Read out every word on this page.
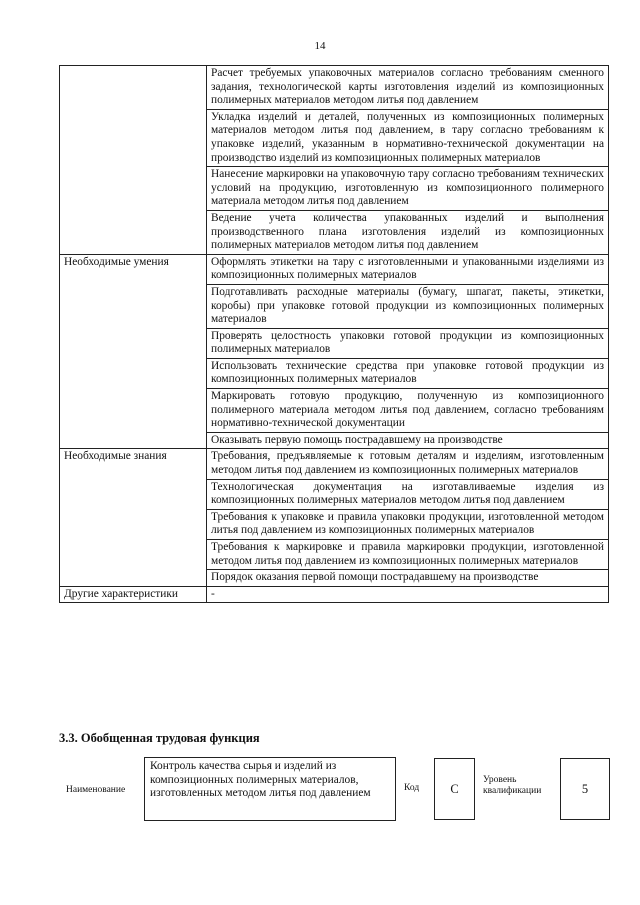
14
	Расчет требуемых упаковочных материалов согласно требованиям сменного задания, технологической карты изготовления изделий из композиционных полимерных материалов методом литья под давлением
	Укладка изделий и деталей, полученных из композиционных полимерных материалов методом литья под давлением, в тару согласно требованиям к упаковке изделий, указанным в нормативно-технической документации на производство изделий из композиционных полимерных материалов
	Нанесение маркировки на упаковочную тару согласно требованиям технических условий на продукцию, изготовленную из композиционного полимерного материала методом литья под давлением
	Ведение учета количества упакованных изделий и выполнения производственного плана изготовления изделий из композиционных полимерных материалов методом литья под давлением
Необходимые умения	Оформлять этикетки на тару с изготовленными и упакованными изделиями из композиционных полимерных материалов
	Подготавливать расходные материалы (бумагу, шпагат, пакеты, этикетки, коробы) при упаковке готовой продукции из композиционных полимерных материалов
	Проверять целостность упаковки готовой продукции из композиционных полимерных материалов
	Использовать технические средства при упаковке готовой продукции из композиционных полимерных материалов
	Маркировать готовую продукцию, полученную из композиционного полимерного материала методом литья под давлением, согласно требованиям нормативно-технической документации
	Оказывать первую помощь пострадавшему на производстве
Необходимые знания	Требования, предъявляемые к готовым деталям и изделиям, изготовленным методом литья под давлением из композиционных полимерных материалов
	Технологическая документация на изготавливаемые изделия из композиционных полимерных материалов методом литья под давлением
	Требования к упаковке и правила упаковки продукции, изготовленной методом литья под давлением из композиционных полимерных материалов
	Требования к маркировке и правила маркировки продукции, изготовленной методом литья под давлением из композиционных полимерных материалов
	Порядок оказания первой помощи пострадавшему на производстве
Другие характеристики	-
3.3. Обобщенная трудовая функция
Наименование
Контроль качества сырья и изделий из композиционных полимерных материалов, изготовленных методом литья под давлением	Код	C
Уровень квалификации	5
